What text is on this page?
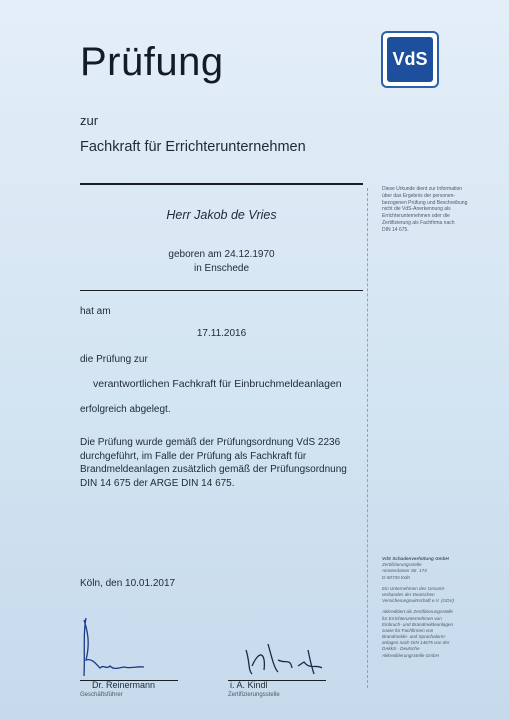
Prüfung
zur
Fachkraft für Errichterunternehmen
VdS
Diese Urkunde dient zur Information
über das Ergebnis der personen-
bezogenen Prüfung und Beschreibung
nicht die VdS-Anerkennung als
Errichterunternehmen oder die
Zertifizierung als Fachfirma nach
DIN 14 675.
Herr Jakob de Vries
geboren am 24.12.1970
in Enschede
hat am
17.11.2016
die Prüfung zur
verantwortlichen Fachkraft für Einbruchmeldeanlagen
erfolgreich abgelegt.
Die Prüfung wurde gemäß der Prüfungsordnung VdS 2236
durchgeführt, im Falle der Prüfung als Fachkraft für
Brandmeldeanlagen zusätzlich gemäß der Prüfungsordnung
DIN 14 675 der ARGE DIN 14 675.
VdS Schadenverhütung GmbH
Zertifizierungsstelle
Amsterdamer Str. 174
D-50735 Köln
Ein Unternehmen des Gesamt-
verbandes der Deutschen
Versicherungswirtschaft e.V. (GDV)
Akkreditiert als Zertifizierungsstelle
für Errichterunternehmen von
Einbruch- und Brandmeldeanlagen
sowie für Fachfirmen von
Brandmelde- und Sprachalarm-
anlagen nach DIN 14675 von der
DAkkS - Deutsche
Akkreditierungsstelle GmbH
Köln, den 10.01.2017
Dr. Reinermann
Geschäftsführer
i. A. Kindl
Zertifizierungsstelle
